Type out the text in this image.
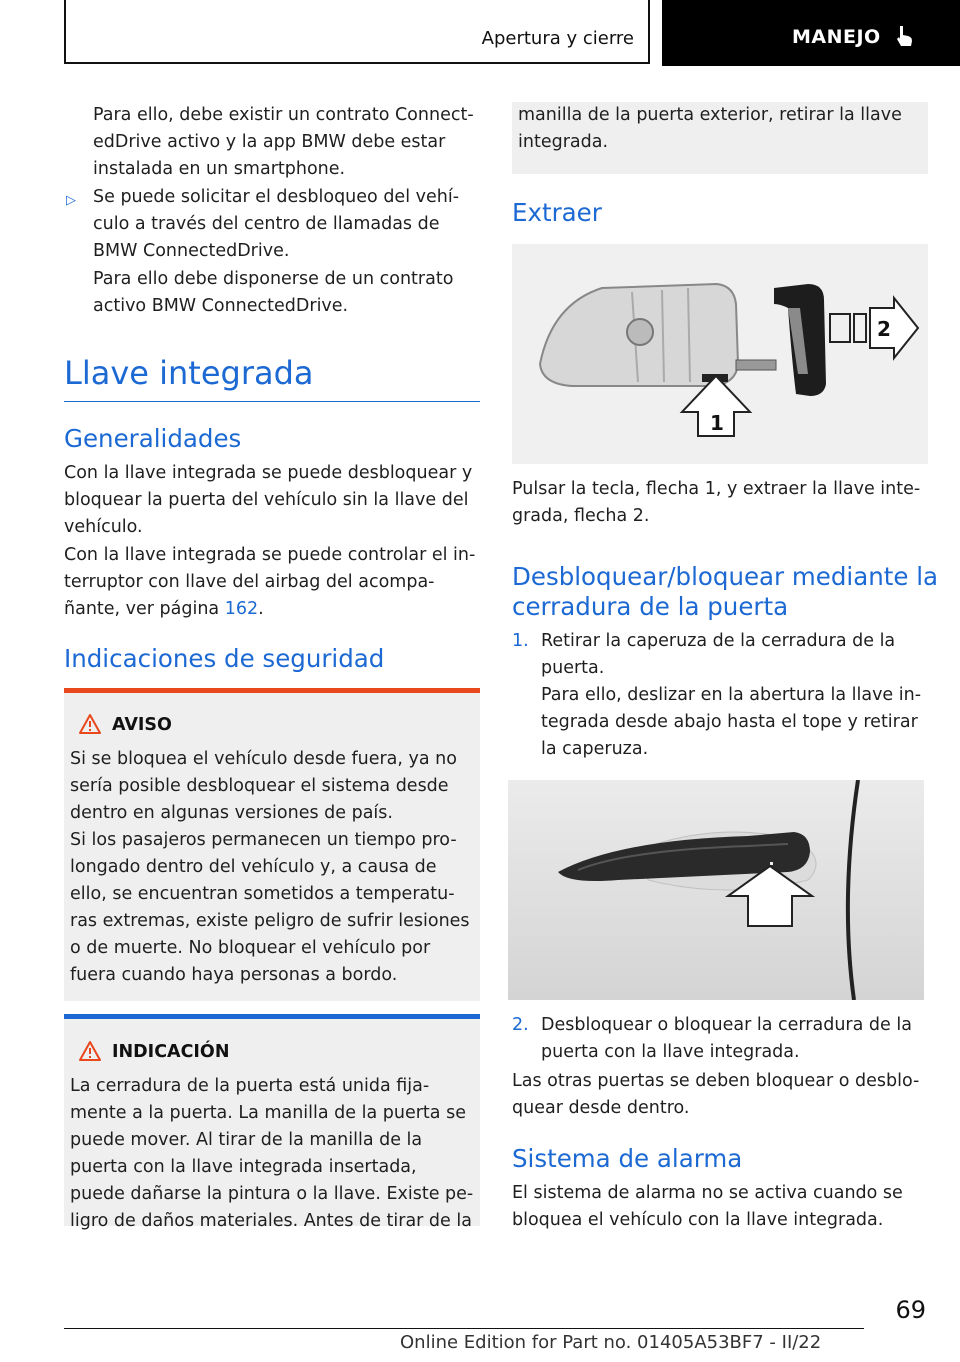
Apertura y cierre	MANEJO
Para ello, debe existir un contrato Connect-
edDrive activo y la app BMW debe estar
instalada en un smartphone.
▷ Se puede solicitar el desbloqueo del vehí-
culo a través del centro de llamadas de
BMW ConnectedDrive.
Para ello debe disponerse de un contrato
activo BMW ConnectedDrive.
Llave integrada
Generalidades
Con la llave integrada se puede desbloquear y
bloquear la puerta del vehículo sin la llave del
vehículo.
Con la llave integrada se puede controlar el in-
terruptor con llave del airbag del acompa-
ñante, ver página 162.
Indicaciones de seguridad
AVISO
Si se bloquea el vehículo desde fuera, ya no
sería posible desbloquear el sistema desde
dentro en algunas versiones de país.
Si los pasajeros permanecen un tiempo pro-
longado dentro del vehículo y, a causa de
ello, se encuentran sometidos a temperatu-
ras extremas, existe peligro de sufrir lesiones
o de muerte. No bloquear el vehículo por
fuera cuando haya personas a bordo.
INDICACIÓN
La cerradura de la puerta está unida fija-
mente a la puerta. La manilla de la puerta se
puede mover. Al tirar de la manilla de la
puerta con la llave integrada insertada,
puede dañarse la pintura o la llave. Existe pe-
ligro de daños materiales. Antes de tirar de la
manilla de la puerta exterior, retirar la llave
integrada.
Extraer
2
1
Pulsar la tecla, flecha 1, y extraer la llave inte-
grada, flecha 2.
Desbloquear/bloquear mediante la
cerradura de la puerta
1. Retirar la caperuza de la cerradura de la
puerta.
Para ello, deslizar en la abertura la llave in-
tegrada desde abajo hasta el tope y retirar
la caperuza.
2. Desbloquear o bloquear la cerradura de la
puerta con la llave integrada.
Las otras puertas se deben bloquear o desblo-
quear desde dentro.
Sistema de alarma
El sistema de alarma no se activa cuando se
bloquea el vehículo con la llave integrada.
69
Online Edition for Part no. 01405A53BF7 - II/22
